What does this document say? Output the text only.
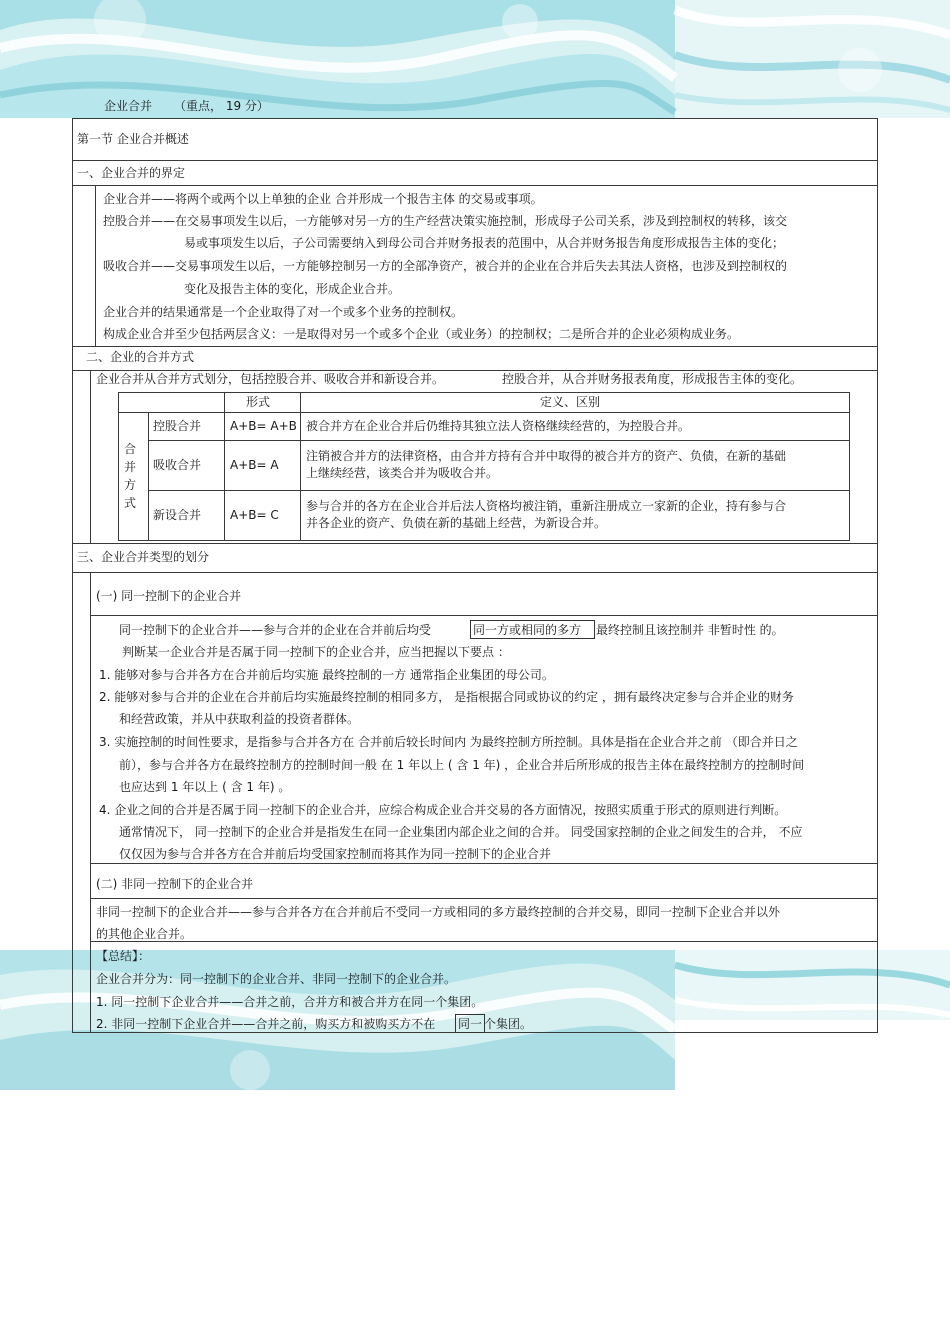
企业合并 （重点， 19 分）
第一节 企业合并概述
一、企业合并的界定
企业合并——将两个或两个以上单独的企业 合并形成一个报告主体 的交易或事项。
控股合并——在交易事项发生以后，一方能够对另一方的生产经营决策实施控制，形成母子公司关系，涉及到控制权的转移，该交
易或事项发生以后，子公司需要纳入到母公司合并财务报表的范围中，从合并财务报告角度形成报告主体的变化；
吸收合并——交易事项发生以后，一方能够控制另一方的全部净资产，被合并的企业在合并后失去其法人资格，也涉及到控制权的
变化及报告主体的变化，形成企业合并。
企业合并的结果通常是一个企业取得了对一个或多个业务的控制权。
构成企业合并至少包括两层含义：一是取得对另一个或多个企业（或业务）的控制权；二是所合并的企业必须构成业务。
二、企业的合并方式
企业合并从合并方式划分，包括控股合并、吸收合并和新设合并。	控股合并，从合并财务报表角度，形成报告主体的变化。
形式	定义、区别
合并方式
控股合并 A+B= A+B 被合并方在企业合并后仍维持其独立法人资格继续经营的，为控股合并。
吸收合并 A+B= A
注销被合并方的法律资格，由合并方持有合并中取得的被合并方的资产、负债，在新的基础
上继续经营，该类合并为吸收合并。
新设合并 A+B= C
参与合并的各方在企业合并后法人资格均被注销，重新注册成立一家新的企业，持有参与合
并各企业的资产、负债在新的基础上经营，为新设合并。
三、企业合并类型的划分
(一) 同一控制下的企业合并
同一控制下的企业合并——参与合并的企业在合并前后均受	同一方或相同的多方 最终控制且该控制并 非暂时性 的。
判断某一企业合并是否属于同一控制下的企业合并，应当把握以下要点 ：
1. 能够对参与合并各方在合并前后均实施 最终控制的一方 通常指企业集团的母公司。
2. 能够对参与合并的企业在合并前后均实施最终控制的相同多方， 是指根据合同或协议的约定 ，拥有最终决定参与合并企业的财务
和经营政策，并从中获取利益的投资者群体。
3. 实施控制的时间性要求，是指参与合并各方在 合并前后较长时间内 为最终控制方所控制。具体是指在企业合并之前 （即合并日之
前），参与合并各方在最终控制方的控制时间一般 在 1 年以上 ( 含 1 年) ，企业合并后所形成的报告主体在最终控制方的控制时间
也应达到 1 年以上 ( 含 1 年) 。
4. 企业之间的合并是否属于同一控制下的企业合并，应综合构成企业合并交易的各方面情况，按照实质重于形式的原则进行判断。
通常情况下， 同一控制下的企业合并是指发生在同一企业集团内部企业之间的合并。 同受国家控制的企业之间发生的合并， 不应
仅仅因为参与合并各方在合并前后均受国家控制而将其作为同一控制下的企业合并
(二) 非同一控制下的企业合并
非同一控制下的企业合并——参与合并各方在合并前后不受同一方或相同的多方最终控制的合并交易，即同一控制下企业合并以外
的其他企业合并。
【总结】：
企业合并分为：同一控制下的企业合并、非同一控制下的企业合并。
1. 同一控制下企业合并——合并之前，合并方和被合并方在同一个集团。
2. 非同一控制下企业合并——合并之前，购买方和被购买方不在 同一 个集团。
